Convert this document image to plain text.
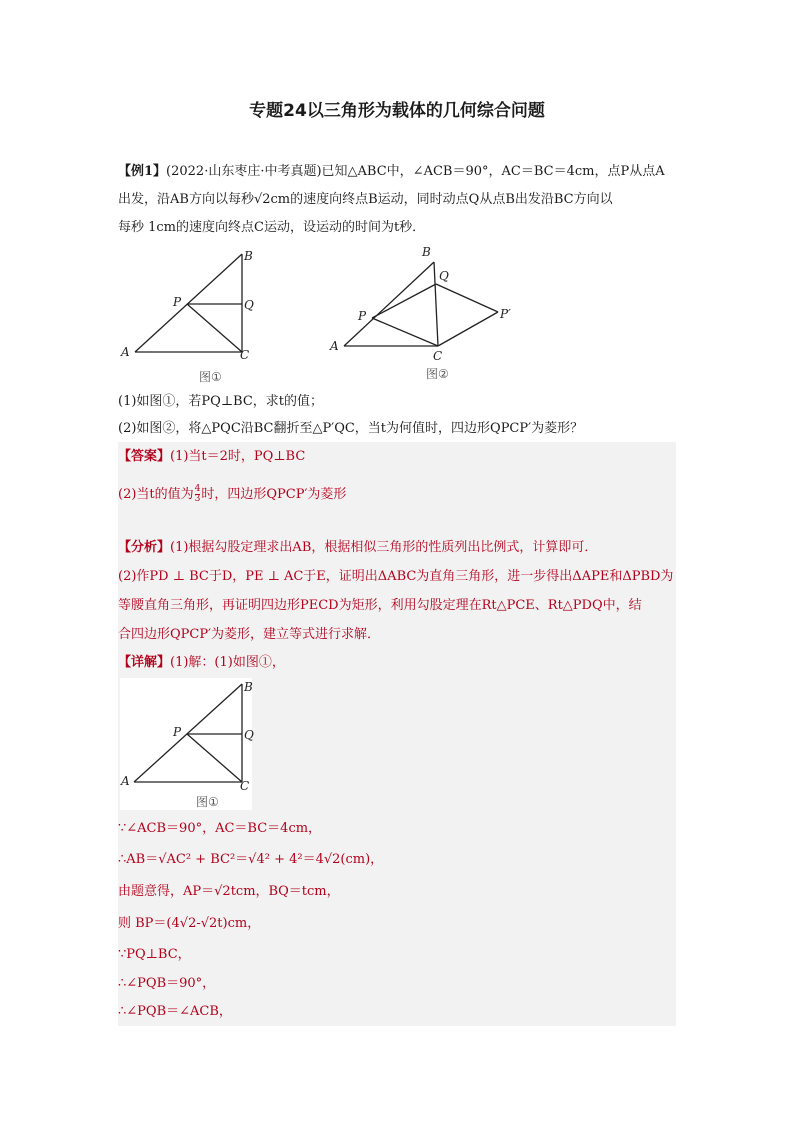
专题24以三角形为载体的几何综合问题
【例1】(2022·山东枣庄·中考真题)已知△ABC中，∠ACB＝90°，AC＝BC＝4cm，点P从点A
出发，沿AB方向以每秒√2cm的速度向终点B运动，同时动点Q从点B出发沿BC方向以
每秒 1cm的速度向终点C运动，设运动的时间为t秒．
A
B
C
P	Q
图①
A
B
C
P
Q
P′
图②
(1)如图①，若PQ⊥BC，求t的值；
(2)如图②，将△PQC沿BC翻折至△P′QC，当t为何值时，四边形QPCP′为菱形？
【答案】(1)当t＝2时，PQ⊥BC
(2)当t的值为 $\frac{4}{3}$ 时，四边形QPCP′为菱形
【分析】(1)根据勾股定理求出AB，根据相似三角形的性质列出比例式，计算即可．
(2)作PD ⊥ BC于D，PE ⊥ AC于E，证明出ΔABC为直角三角形，进一步得出ΔAPE和ΔPBD为
等腰直角三角形，再证明四边形PECD为矩形，利用勾股定理在Rt△PCE、Rt△PDQ中，结
合四边形QPCP′为菱形，建立等式进行求解．
【详解】(1)解：(1)如图①，
A
B
C
P	Q
图①
∵∠ACB＝90°，AC＝BC＝4cm，
∴AB＝√AC² + BC²＝√4² + 4²＝4√2(cm)，
由题意得，AP＝√2tcm，BQ＝tcm，
则 BP＝(4√2-√2t)cm，
∵PQ⊥BC，
∴∠PQB＝90°，
∴∠PQB＝∠ACB，
